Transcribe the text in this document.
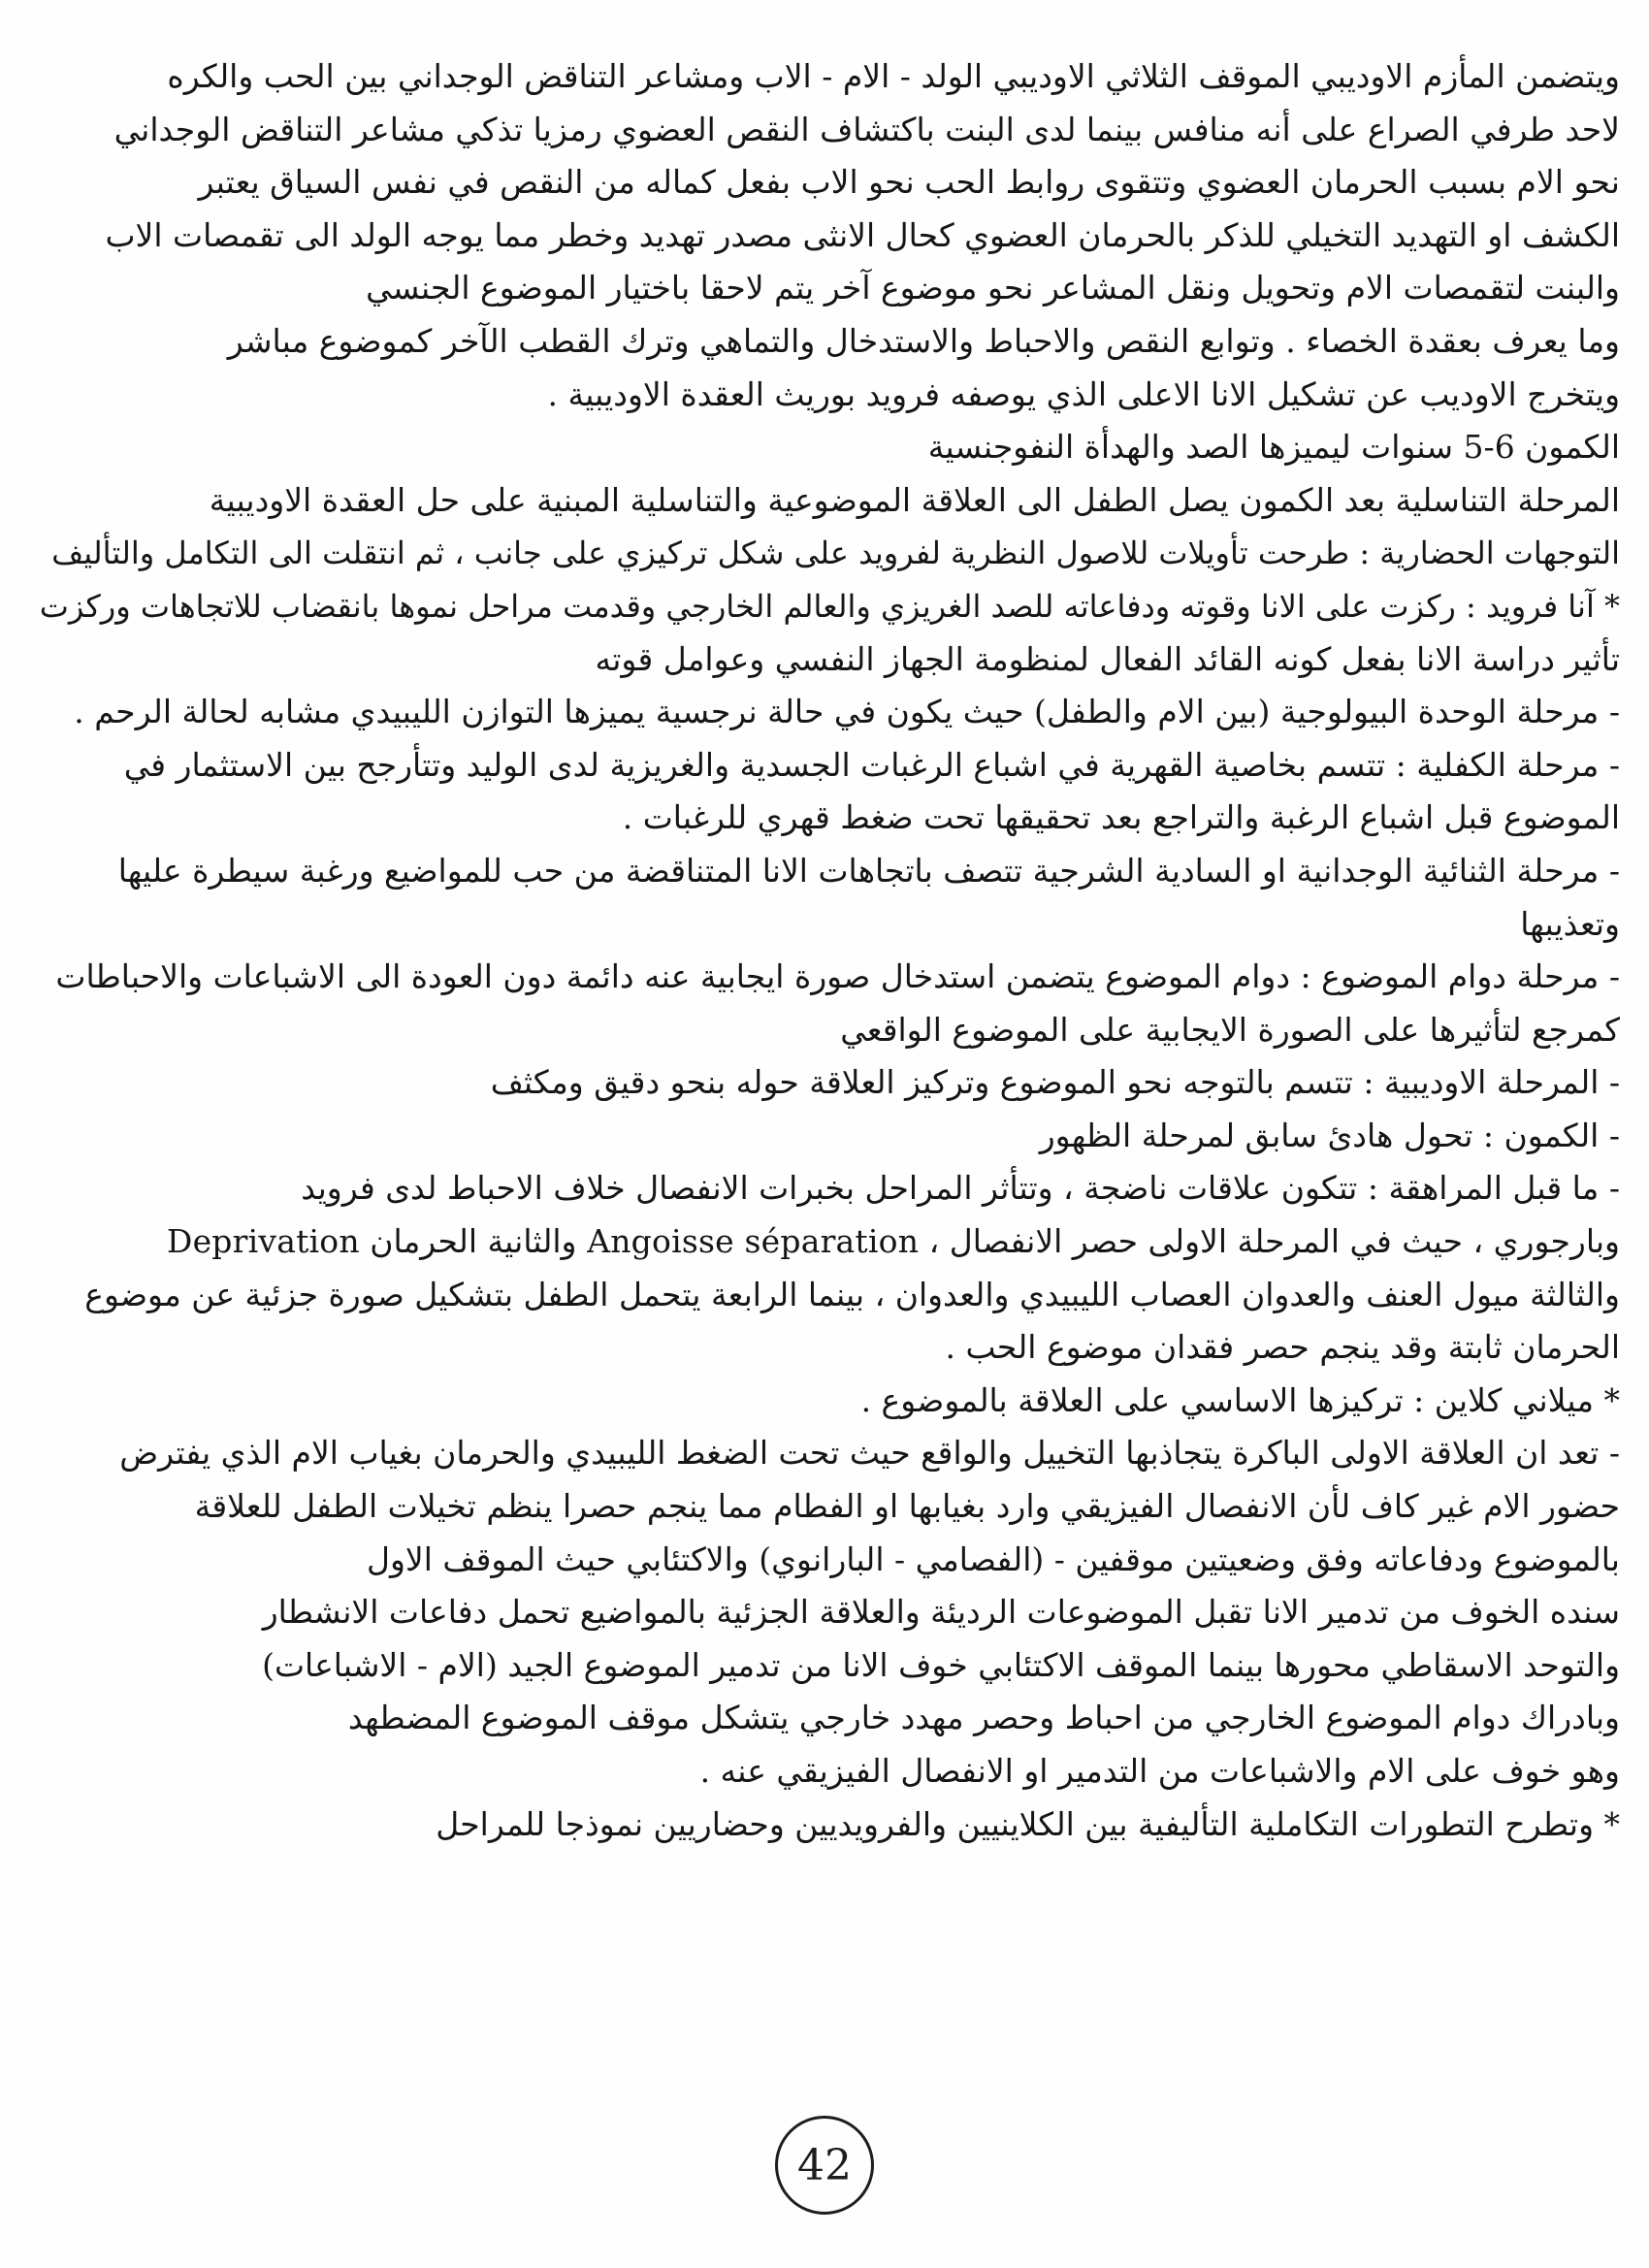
ويتضمن المأزم الاوديبي الموقف الثلاثي الاوديبي الولد - الام - الاب ومشاعر التناقض الوجداني بين الحب والكره
لاحد طرفي الصراع على أنه منافس بينما لدى البنت باكتشاف النقص العضوي رمزيا تذكي مشاعر التناقض الوجداني
نحو الام بسبب الحرمان العضوي وتتقوى روابط الحب نحو الاب بفعل كماله من النقص في نفس السياق يعتبر
الكشف او التهديد التخيلي للذكر بالحرمان العضوي كحال الانثى مصدر تهديد وخطر مما يوجه الولد الى تقمصات الاب
والبنت لتقمصات الام وتحويل ونقل المشاعر نحو موضوع آخر يتم لاحقا باختيار الموضوع الجنسي
وما يعرف بعقدة الخصاء . وتوابع النقص والاحباط والاستدخال والتماهي وترك القطب الآخر كموضوع مباشر
ويتخرج الاوديب عن تشكيل الانا الاعلى الذي يوصفه فرويد بوريث العقدة الاوديبية .
الكمون 6-5 سنوات ليميزها الصد والهدأة النفوجنسية
المرحلة التناسلية بعد الكمون يصل الطفل الى العلاقة الموضوعية والتناسلية المبنية على حل العقدة الاوديبية
التوجهات الحضارية : طرحت تأويلات للاصول النظرية لفرويد على شكل تركيزي على جانب ، ثم انتقلت الى التكامل والتأليف
* آنا فرويد : ركزت على الانا وقوته ودفاعاته للصد الغريزي والعالم الخارجي وقدمت مراحل نموها بانقضاب للاتجاهات وركزت
تأثير دراسة الانا بفعل كونه القائد الفعال لمنظومة الجهاز النفسي وعوامل قوته
- مرحلة الوحدة البيولوجية (بين الام والطفل) حيث يكون في حالة نرجسية يميزها التوازن الليبيدي مشابه لحالة الرحم .
- مرحلة الكفلية : تتسم بخاصية القهرية في اشباع الرغبات الجسدية والغريزية لدى الوليد وتتأرجح بين الاستثمار في
الموضوع قبل اشباع الرغبة والتراجع بعد تحقيقها تحت ضغط قهري للرغبات .
- مرحلة الثنائية الوجدانية او السادية الشرجية تتصف باتجاهات الانا المتناقضة من حب للمواضيع ورغبة سيطرة عليها
وتعذيبها
- مرحلة دوام الموضوع : دوام الموضوع يتضمن استدخال صورة ايجابية عنه دائمة دون العودة الى الاشباعات والاحباطات
كمرجع لتأثيرها على الصورة الايجابية على الموضوع الواقعي
- المرحلة الاوديبية : تتسم بالتوجه نحو الموضوع وتركيز العلاقة حوله بنحو دقيق ومكثف
- الكمون : تحول هادئ سابق لمرحلة الظهور
- ما قبل المراهقة : تتكون علاقات ناضجة ، وتتأثر المراحل بخبرات الانفصال خلاف الاحباط لدى فرويد
وبارجوري ، حيث في المرحلة الاولى حصر الانفصال ، Angoisse séparation والثانية الحرمان Deprivation
والثالثة ميول العنف والعدوان العصاب الليبيدي والعدوان ، بينما الرابعة يتحمل الطفل بتشكيل صورة جزئية عن موضوع
الحرمان ثابتة وقد ينجم حصر فقدان موضوع الحب .
* ميلاني كلاين : تركيزها الاساسي على العلاقة بالموضوع .
- تعد ان العلاقة الاولى الباكرة يتجاذبها التخييل والواقع حيث تحت الضغط الليبيدي والحرمان بغياب الام الذي يفترض
حضور الام غير كاف لأن الانفصال الفيزيقي وارد بغيابها او الفطام مما ينجم حصرا ينظم تخيلات الطفل للعلاقة
بالموضوع ودفاعاته وفق وضعيتين موقفين - (الفصامي - البارانوي) والاكتئابي حيث الموقف الاول
سنده الخوف من تدمير الانا تقبل الموضوعات الرديئة والعلاقة الجزئية بالمواضيع تحمل دفاعات الانشطار
والتوحد الاسقاطي محورها بينما الموقف الاكتئابي خوف الانا من تدمير الموضوع الجيد (الام - الاشباعات)
وبادراك دوام الموضوع الخارجي من احباط وحصر مهدد خارجي يتشكل موقف الموضوع المضطهد
وهو خوف على الام والاشباعات من التدمير او الانفصال الفيزيقي عنه .
* وتطرح التطورات التكاملية التأليفية بين الكلاينيين والفرويديين وحضاريين نموذجا للمراحل
42
